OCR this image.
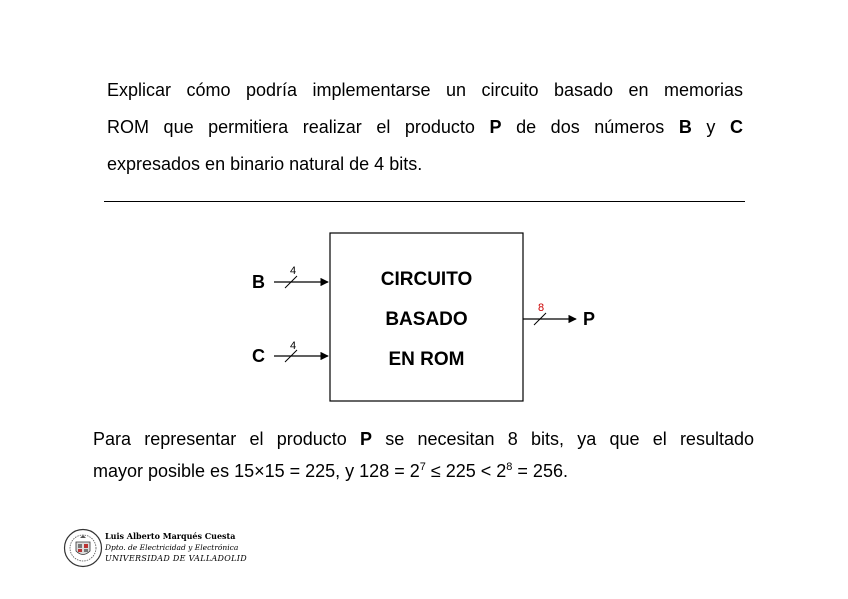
Explicar cómo podría implementarse un circuito basado en memorias
ROM que permitiera realizar el producto P de dos números B y C
expresados en binario natural de 4 bits.
CIRCUITO
BASADO
EN ROM
B
C
P
4
4
8
Para representar el producto P se necesitan 8 bits, ya que el resultado
mayor posible es 15×15 = 225, y $128 = 2^7 \le 225 < 2^8 = 256$.
Luis Alberto Marqués Cuesta
Dpto. de Electricidad y Electrónica
UNIVERSIDAD DE VALLADOLID
